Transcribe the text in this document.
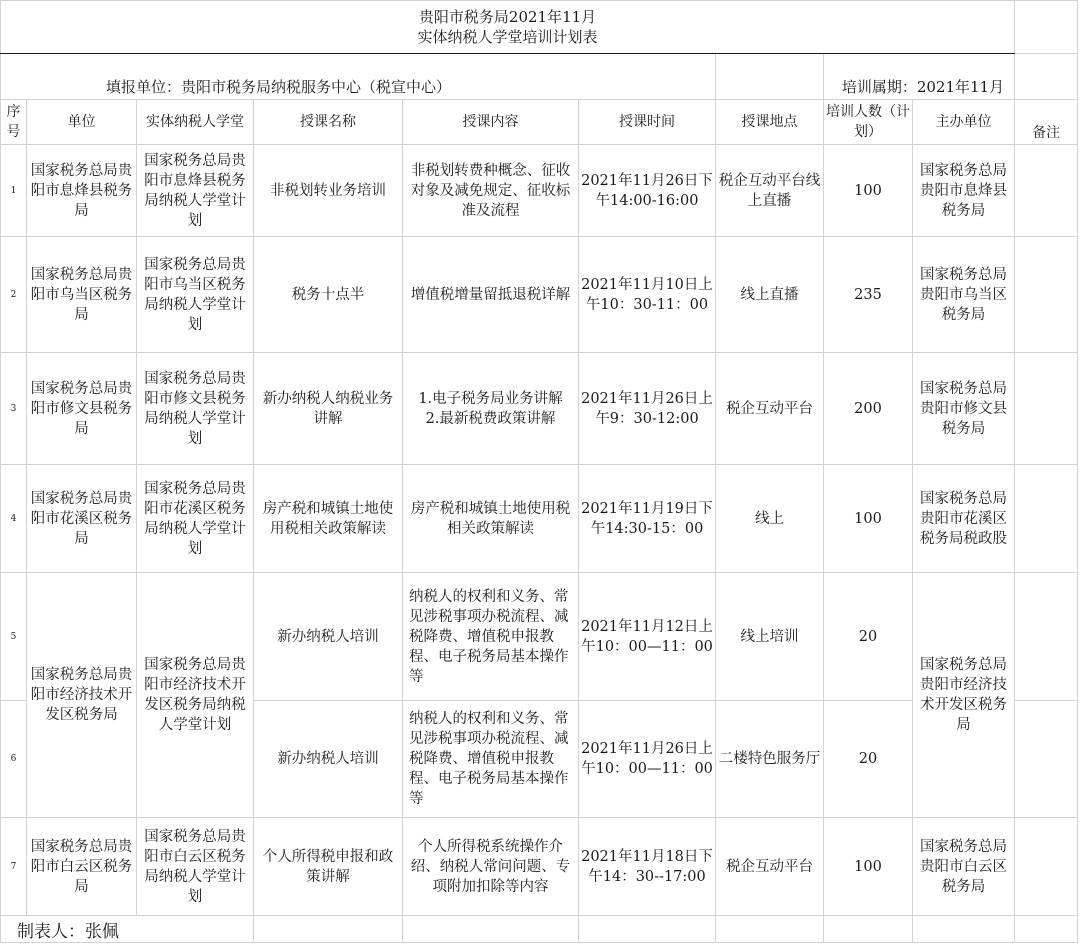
贵阳市税务局2021年11月
实体纳税人学堂培训计划表									

填报单位：贵阳市税务局纳税服务中心（税宣中心）							培训属期：2021年11月		
序号	单位	实体纳税人学堂	授课名称	授课内容	授课时间	授课地点	培训人数（计划）	主办单位	备注
1	国家税务总局贵阳市息烽县税务局	国家税务总局贵阳市息烽县税务局纳税人学堂计划	非税划转业务培训	非税划转费种概念、征收对象及减免规定、征收标准及流程	2021年11月26日下午14:00-16:00	税企互动平台线上直播	100	国家税务总局贵阳市息烽县税务局	
2	国家税务总局贵阳市乌当区税务局	国家税务总局贵阳市乌当区税务局纳税人学堂计划	税务十点半	增值税增量留抵退税详解	2021年11月10日上午10：30-11：00	线上直播	235	国家税务总局贵阳市乌当区税务局	
3	国家税务总局贵阳市修文县税务局	国家税务总局贵阳市修文县税务局纳税人学堂计划	新办纳税人纳税业务讲解	1.电子税务局业务讲解
2.最新税费政策讲解	2021年11月26日上午9：30-12:00	税企互动平台	200	国家税务总局贵阳市修文县税务局	
4	国家税务总局贵阳市花溪区税务局	国家税务总局贵阳市花溪区税务局纳税人学堂计划	房产税和城镇土地使用税相关政策解读	房产税和城镇土地使用税相关政策解读	2021年11月19日下午14:30-15：00	线上	100	国家税务总局贵阳市花溪区税务局税政股	
5	国家税务总局贵阳市经济技术开发区税务局	国家税务总局贵阳市经济技术开发区税务局纳税人学堂计划	新办纳税人培训	纳税人的权利和义务、常见涉税事项办税流程、减税降费、增值税申报教程、电子税务局基本操作等	2021年11月12日上午10：00—11：00	线上培训	20	国家税务总局贵阳市经济技术开发区税务局	
6			新办纳税人培训	纳税人的权利和义务、常见涉税事项办税流程、减税降费、增值税申报教程、电子税务局基本操作等	2021年11月26日上午10：00—11：00	二楼特色服务厅	20		
7	国家税务总局贵阳市白云区税务局	国家税务总局贵阳市白云区税务局纳税人学堂计划	个人所得税申报和政策讲解	个人所得税系统操作介绍、纳税人常问问题、专项附加扣除等内容	2021年11月18日下午14：30--17:00	税企互动平台	100	国家税务总局贵阳市白云区税务局	
制表人：张佩									
